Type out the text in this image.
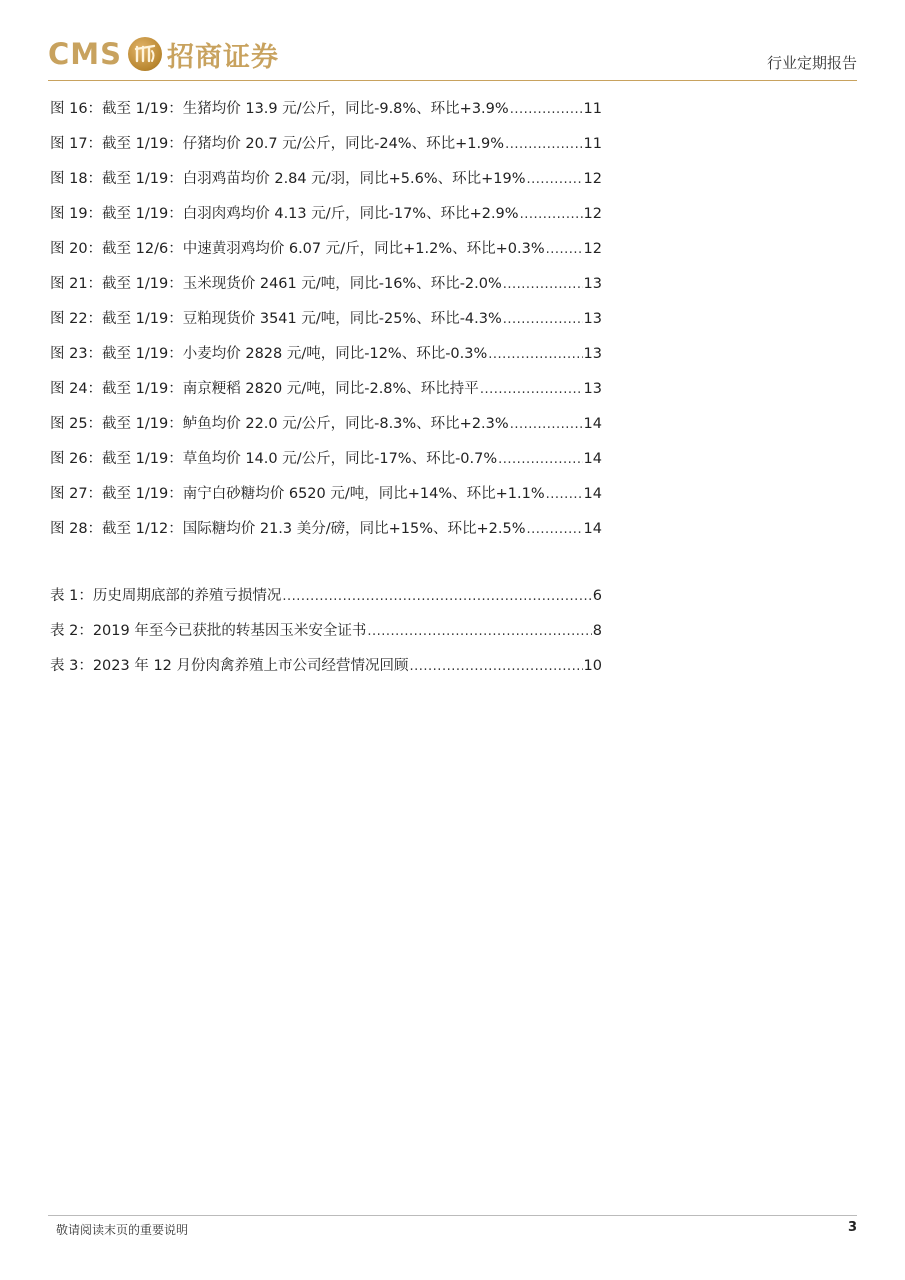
CMS 招商证券	行业定期报告
图 16：截至 1/19：生猪均价 13.9 元/公斤，同比-9.8%、环比+3.9% .....	11
图 17：截至 1/19：仔猪均价 20.7 元/公斤，同比-24%、环比+1.9% .....	11
图 18：截至 1/19：白羽鸡苗均价 2.84 元/羽，同比+5.6%、环比+19% .....	12
图 19：截至 1/19：白羽肉鸡均价 4.13 元/斤，同比-17%、环比+2.9% .....	12
图 20：截至 12/6：中速黄羽鸡均价 6.07 元/斤，同比+1.2%、环比+0.3% .....	12
图 21：截至 1/19：玉米现货价 2461 元/吨，同比-16%、环比-2.0% .....	13
图 22：截至 1/19：豆粕现货价 3541 元/吨，同比-25%、环比-4.3% .....	13
图 23：截至 1/19：小麦均价 2828 元/吨，同比-12%、环比-0.3% .....	13
图 24：截至 1/19：南京粳稻 2820 元/吨，同比-2.8%、环比持平 .....	13
图 25：截至 1/19：鲈鱼均价 22.0 元/公斤，同比-8.3%、环比+2.3% .....	14
图 26：截至 1/19：草鱼均价 14.0 元/公斤，同比-17%、环比-0.7% .....	14
图 27：截至 1/19：南宁白砂糖均价 6520 元/吨，同比+14%、环比+1.1% .....	14
图 28：截至 1/12：国际糖均价 21.3 美分/磅，同比+15%、环比+2.5% .....	14
表 1：历史周期底部的养殖亏损情况 .....	6
表 2：2019 年至今已获批的转基因玉米安全证书 .....	8
表 3：2023 年 12 月份肉禽养殖上市公司经营情况回顾 .....	10
敬请阅读末页的重要说明	3
